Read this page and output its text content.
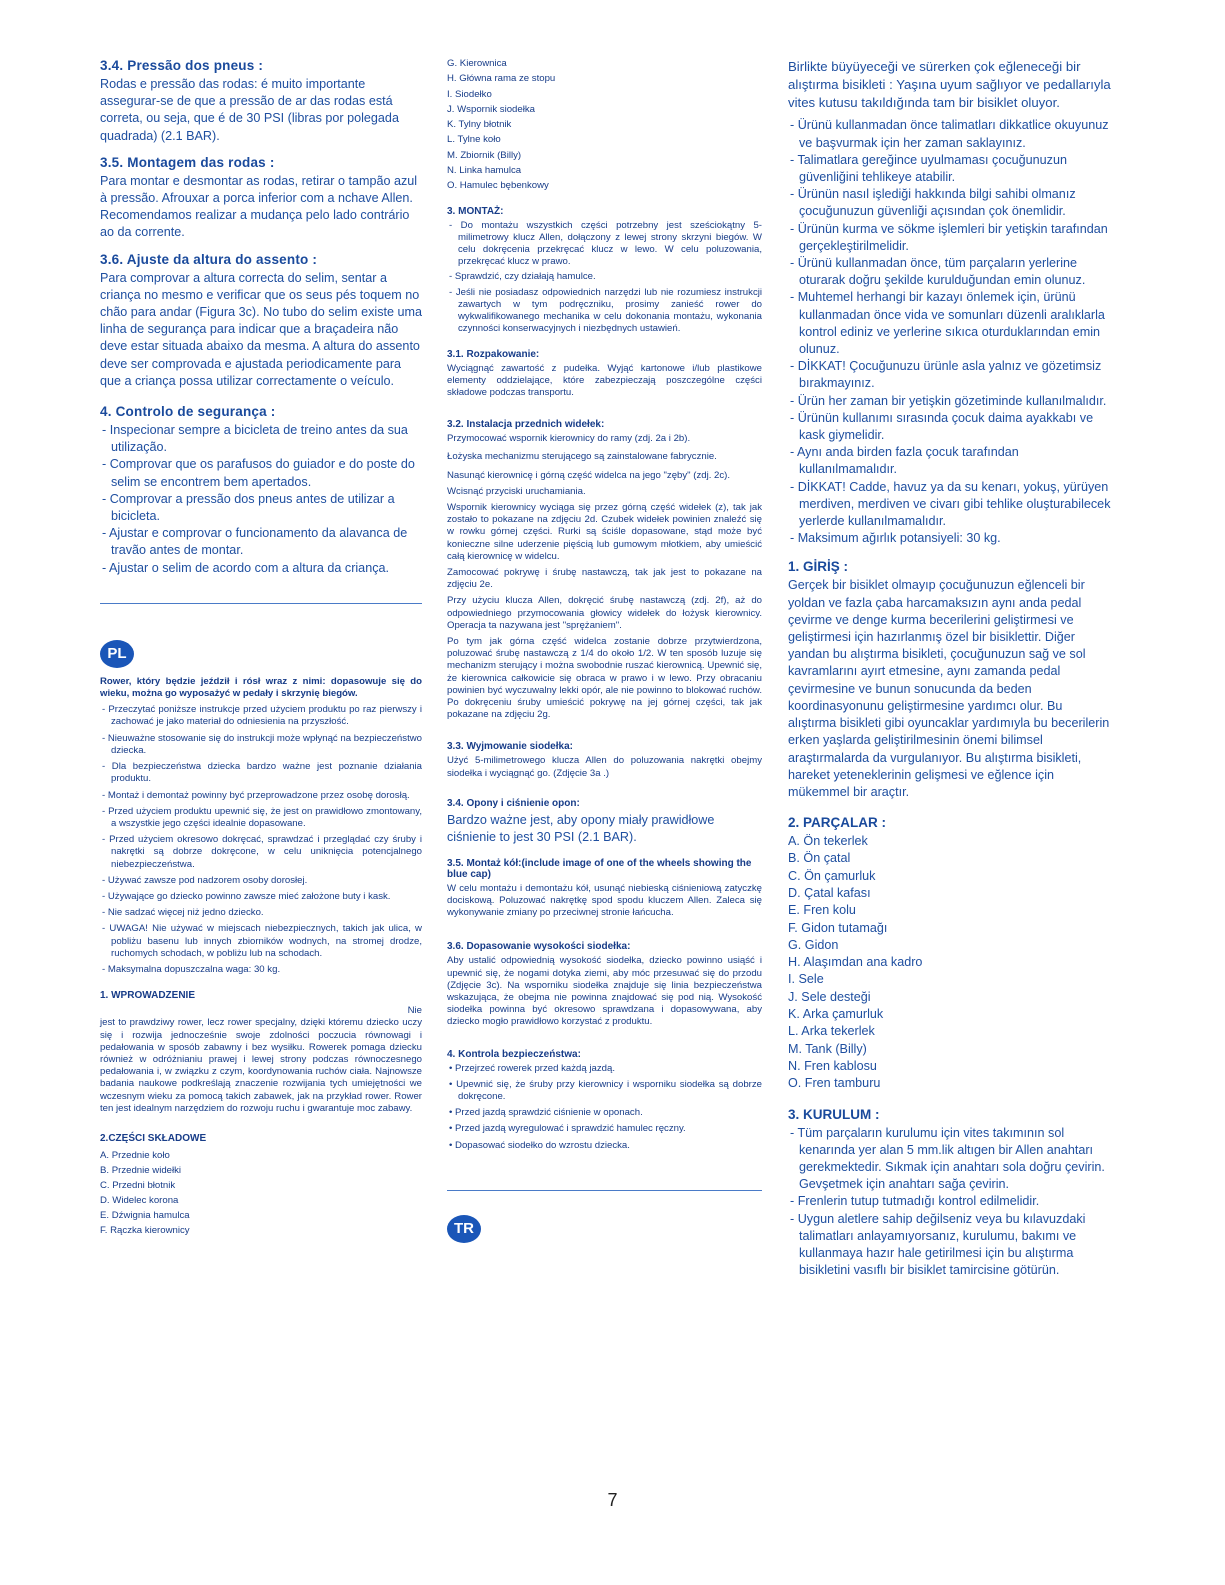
3.4. Pressão dos pneus :

Rodas e pressão das rodas: é muito importante assegurar-se de que a pressão de ar das rodas está correta, ou seja, que é de 30 PSI (libras por polegada quadrada) (2.1 BAR).

3.5. Montagem das rodas :

Para montar e desmontar as rodas, retirar o tampão azul à pressão. Afrouxar a porca inferior com a nchave Allen. Recomendamos realizar a mudança pelo lado contrário ao da corrente.

3.6. Ajuste da altura do assento :

Para comprovar a altura correcta do selim, sentar a criança no mesmo e verificar que os seus pés toquem no chão para andar (Figura 3c). No tubo do selim existe uma linha de segurança para indicar que a braçadeira não deve estar situada abaixo da mesma. A altura do assento deve ser comprovada e ajustada periodicamente para que a criança possa utilizar correctamente o veículo.

4. Controlo de segurança :
- Inspecionar sempre a bicicleta de treino antes da sua utilização.
- Comprovar que os parafusos do guiador e do poste do selim se encontrem bem apertados.
- Comprovar a pressão dos pneus antes de utilizar a bicicleta.
- Ajustar e comprovar o funcionamento da alavanca de travão antes de montar.
- Ajustar o selim de acordo com a altura da criança.
PL

Rower, który będzie jeździł i rósł wraz z nimi: dopasowuje się do wieku, można go wyposażyć w pedały i skrzynię biegów.

- Przeczytać poniższe instrukcje przed użyciem produktu po raz pierwszy i zachować je jako materiał do odniesienia na przyszłość.
- Nieuważne stosowanie się do instrukcji może wpłynąć na bezpieczeństwo dziecka.
- Dla bezpieczeństwa dziecka bardzo ważne jest poznanie działania produktu.
- Montaż i demontaż powinny być przeprowadzone przez osobę dorosłą.
- Przed użyciem produktu upewnić się, że jest on prawidłowo zmontowany, a wszystkie jego części idealnie dopasowane.
- Przed użyciem okresowo dokręcać, sprawdzać i przeglądać czy śruby i nakrętki są dobrze dokręcone, w celu uniknięcia potencjalnego niebezpieczeństwa.
- Używać zawsze pod nadzorem osoby dorosłej.
- Używające go dziecko powinno zawsze mieć założone buty i kask.
- Nie sadzać więcej niż jedno dziecko.
- UWAGA! Nie używać w miejscach niebezpiecznych, takich jak ulica, w pobliżu basenu lub innych zbiorników wodnych, na stromej drodze, ruchomych schodach, w pobliżu lub na schodach.
- Maksymalna dopuszczalna waga: 30 kg.
1. WPROWADZENIE

Nie

jest to prawdziwy rower, lecz rower specjalny, dzięki któremu dziecko uczy się i rozwija jednocześnie swoje zdolności poczucia równowagi i pedałowania w sposób zabawny i bez wysiłku. Rowerek pomaga dziecku również w odróżnianiu prawej i lewej strony podczas równoczesnego pedałowania i, w związku z czym, koordynowania ruchów ciała. Najnowsze badania naukowe podkreślają znaczenie rozwijania tych umiejętności we wczesnym wieku za pomocą takich zabawek, jak na przykład rower. Rower ten jest idealnym narzędziem do rozwoju ruchu i gwarantuje moc zabawy.

2.CZĘŚCI SKŁADOWE
A. Przednie koło
B. Przednie widełki
C. Przedni błotnik
D. Widelec korona
E. Dźwignia hamulca
F. Rączka kierownicy
G. Kierownica
H. Główna rama ze stopu
I. Siodełko
J. Wspornik siodełka
K. Tylny błotnik
L. Tylne koło
M. Zbiornik (Billy)
N. Linka hamulca
O. Hamulec bębenkowy
3. MONTAŻ:
- Do montażu wszystkich części potrzebny jest sześciokątny 5-milimetrowy klucz Allen, dołączony z lewej strony skrzyni biegów. W celu dokręcenia przekręcać klucz w lewo. W celu poluzowania, przekręcać klucz w prawo.
- Sprawdzić, czy działają hamulce.
- Jeśli nie posiadasz odpowiednich narzędzi lub nie rozumiesz instrukcji zawartych w tym podręczniku, prosimy zanieść rower do wykwalifikowanego mechanika w celu dokonania montażu, wykonania czynności konserwacyjnych i niezbędnych ustawień.
3.1. Rozpakowanie:

Wyciągnąć zawartość z pudełka. Wyjąć kartonowe i/lub plastikowe elementy oddzielające, które zabezpieczają poszczególne części składowe podczas transportu.

3.2. Instalacja przednich widełek:

Przymocować wspornik kierownicy do ramy (zdj. 2a i 2b).

Łożyska mechanizmu sterującego są zainstalowane fabrycznie.

Nasunąć kierownicę i górną część widelca na jego "zęby" (zdj. 2c).

Wcisnąć przyciski uruchamiania.

Wspornik kierownicy wyciąga się przez górną część widełek (z), tak jak zostało to pokazane na zdjęciu 2d. Czubek widełek powinien znaleźć się w rowku górnej części. Rurki są ściśle dopasowane, stąd może być konieczne silne uderzenie pięścią lub gumowym młotkiem, aby umieścić całą kierownicę w widelcu.

Zamocować pokrywę i śrubę nastawczą, tak jak jest to pokazane na zdjęciu 2e.

Przy użyciu klucza Allen, dokręcić śrubę nastawczą (zdj. 2f), aż do odpowiedniego przymocowania głowicy widełek do łożysk kierownicy. Operacja ta nazywana jest "sprężaniem".

Po tym jak górna część widelca zostanie dobrze przytwierdzona, poluzować śrubę nastawczą z 1/4 do około 1/2. W ten sposób luzuje się mechanizm sterujący i można swobodnie ruszać kierownicą. Upewnić się, że kierownica całkowicie się obraca w prawo i w lewo. Przy obracaniu powinien być wyczuwalny lekki opór, ale nie powinno to blokować ruchów. Po dokręceniu śruby umieścić pokrywę na jej górnej części, tak jak pokazane na zdjęciu 2g.

3.3. Wyjmowanie siodełka:

Użyć 5-milimetrowego klucza Allen do poluzowania nakrętki obejmy siodełka i wyciągnąć go. (Zdjęcie 3a .)

3.4. Opony i ciśnienie opon:

Bardzo ważne jest, aby opony miały prawidłowe ciśnienie to jest 30 PSI (2.1 BAR).

3.5. Montaż kół:(include image of one of the wheels showing the blue cap)

W celu montażu i demontażu kół, usunąć niebieską ciśnieniową zatyczkę dociskową. Poluzować nakrętkę spod spodu kluczem Allen. Zaleca się wykonywanie zmiany po przeciwnej stronie łańcucha.

3.6. Dopasowanie wysokości siodełka:

Aby ustalić odpowiednią wysokość siodełka, dziecko powinno usiąść i upewnić się, że nogami dotyka ziemi, aby móc przesuwać się do przodu (Zdjęcie 3c). Na wsporniku siodełka znajduje się linia bezpieczeństwa wskazująca, że obejma nie powinna znajdować się pod nią. Wysokość siodełka powinna być okresowo sprawdzana i dopasowywana, aby dziecko mogło prawidłowo korzystać z produktu.

4. Kontrola bezpieczeństwa:
• Przejrzeć rowerek przed każdą jazdą.
• Upewnić się, że śruby przy kierownicy i wsporniku siodełka są dobrze dokręcone.
• Przed jazdą sprawdzić ciśnienie w oponach.
• Przed jazdą wyregulować i sprawdzić hamulec ręczny.
• Dopasować siodełko do wzrostu dziecka.
TR

Birlikte büyüyeceği ve sürerken çok eğleneceği bir alıştırma bisikleti : Yaşına uyum sağlıyor ve pedallarıyla vites kutusu takıldığında tam bir bisiklet oluyor.

- Ürünü kullanmadan önce talimatları dikkatlice okuyunuz ve başvurmak için her zaman saklayınız.
- Talimatlara gereğince uyulmaması çocuğunuzun güvenliğini tehlikeye atabilir.
- Ürünün nasıl işlediği hakkında bilgi sahibi olmanız çocuğunuzun güvenliği açısından çok önemlidir.
- Ürünün kurma ve sökme işlemleri bir yetişkin tarafından gerçekleştirilmelidir.
- Ürünü kullanmadan önce, tüm parçaların yerlerine oturarak doğru şekilde kurulduğundan emin olunuz.
- Muhtemel herhangi bir kazayı önlemek için, ürünü kullanmadan önce vida ve somunları düzenli aralıklarla kontrol ediniz ve yerlerine sıkıca oturduklarından emin olunuz.
- DİKKAT! Çocuğunuzu ürünle asla yalnız ve gözetimsiz bırakmayınız.
- Ürün her zaman bir yetişkin gözetiminde kullanılmalıdır.
- Ürünün kullanımı sırasında çocuk daima ayakkabı ve kask giymelidir.
- Aynı anda birden fazla çocuk tarafından kullanılmamalıdır.
- DİKKAT! Cadde, havuz ya da su kenarı, yokuş, yürüyen merdiven, merdiven ve civarı gibi tehlike oluşturabilecek yerlerde kullanılmamalıdır.
- Maksimum ağırlık potansiyeli: 30 kg.
1. GİRİŞ :

Gerçek bir bisiklet olmayıp çocuğunuzun eğlenceli bir yoldan ve fazla çaba harcamaksızın aynı anda pedal çevirme ve denge kurma becerilerini geliştirmesi ve geliştirmesi için hazırlanmış özel bir bisiklettir. Diğer yandan bu alıştırma bisikleti, çocuğunuzun sağ ve sol kavramlarını ayırt etmesine, aynı zamanda pedal çevirmesine ve bunun sonucunda da beden koordinasyonunu geliştirmesine yardımcı olur. Bu alıştırma bisikleti gibi oyuncaklar yardımıyla bu becerilerin erken yaşlarda geliştirilmesinin önemi bilimsel araştırmalarda da vurgulanıyor. Bu alıştırma bisikleti, hareket yeteneklerinin gelişmesi ve eğlence için mükemmel bir araçtır.

2. PARÇALAR :
A. Ön tekerlek
B. Ön çatal
C. Ön çamurluk
D. Çatal kafası
E. Fren kolu
F. Gidon tutamağı
G. Gidon
H. Alaşımdan ana kadro
I. Sele
J. Sele desteği
K. Arka çamurluk
L. Arka tekerlek
M. Tank (Billy)
N. Fren kablosu
O. Fren tamburu
3. KURULUM :
- Tüm parçaların kurulumu için vites takımının sol kenarında yer alan 5 mm.lik altıgen bir Allen anahtarı gerekmektedir. Sıkmak için anahtarı sola doğru çevirin. Gevşetmek için anahtarı sağa çevirin.
- Frenlerin tutup tutmadığı kontrol edilmelidir.
- Uygun aletlere sahip değilseniz veya bu kılavuzdaki talimatları anlayamıyorsanız, kurulumu, bakımı ve kullanmaya hazır hale getirilmesi için bu alıştırma bisikletini vasıflı bir bisiklet tamircisine götürün.
7
